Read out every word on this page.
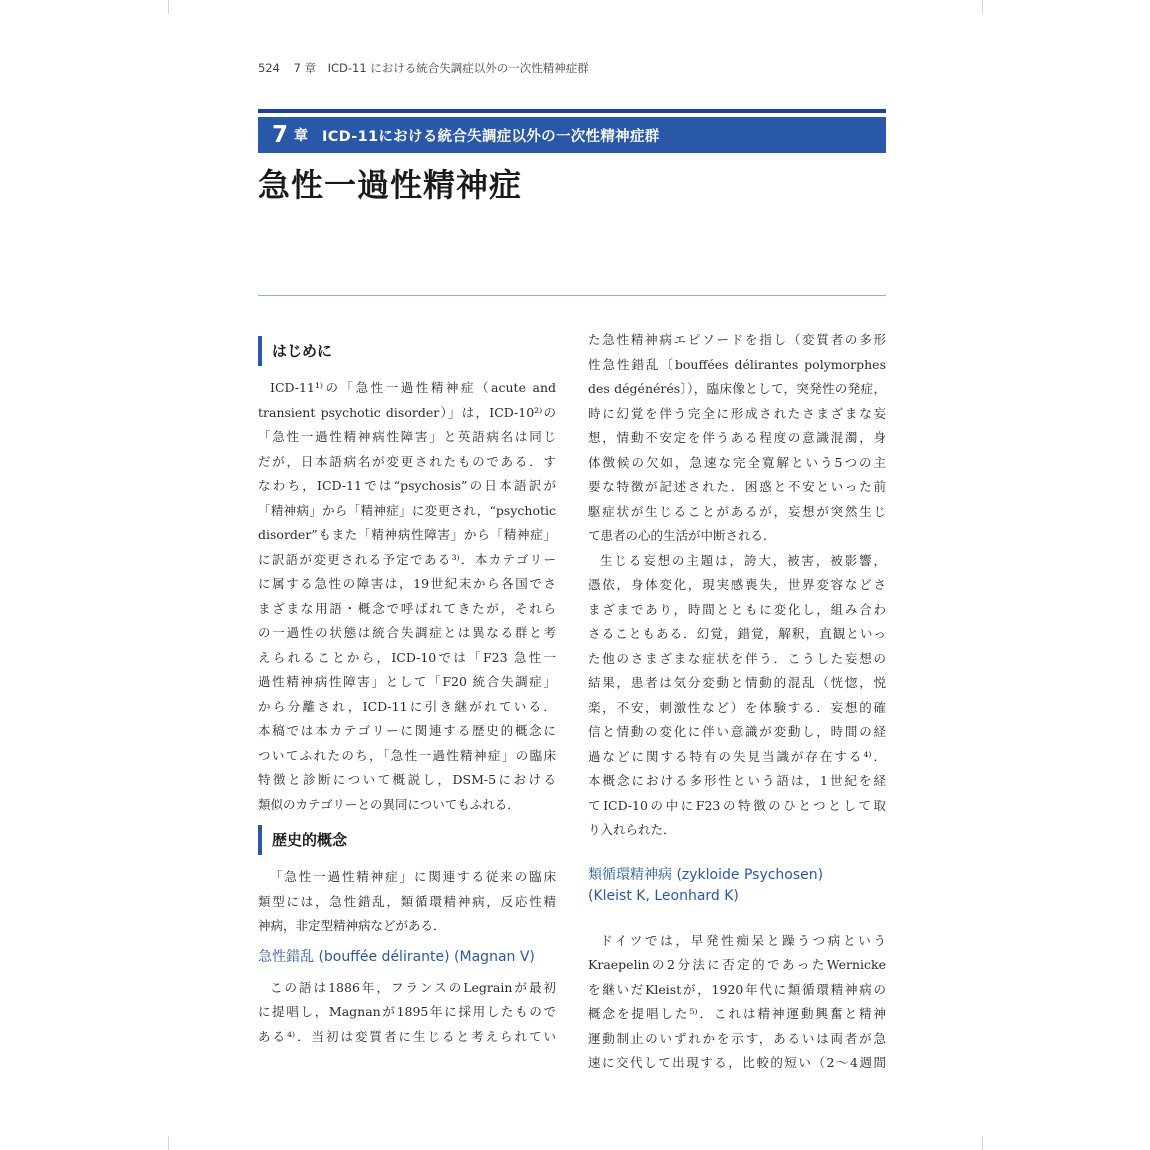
524 7 章　ICD-11 における統合失調症以外の一次性精神症群
7 章 ICD-11における統合失調症以外の一次性精神症群
急性一過性精神症
はじめに
ICD-11¹⁾の「急性一過性精神症（acute and
transient psychotic disorder）」は，ICD-10²⁾の
「急性一過性精神病性障害」と英語病名は同じ
だが，日本語病名が変更されたものである．す
なわち，ICD-11では“psychosis”の日本語訳が
「精神病」から「精神症」に変更され，“psychotic
disorder”もまた「精神病性障害」から「精神症」
に訳語が変更される予定である³⁾．本カテゴリー
に属する急性の障害は，19世紀末から各国でさ
まざまな用語・概念で呼ばれてきたが，それら
の一過性の状態は統合失調症とは異なる群と考
えられることから，ICD-10では「F23 急性一
過性精神病性障害」として「F20 統合失調症」
から分離され，ICD-11に引き継がれている．
本稿では本カテゴリーに関連する歴史的概念に
ついてふれたのち，「急性一過性精神症」の臨床
特徴と診断について概説し，DSM-5における
類似のカテゴリーとの異同についてもふれる．
歴史的概念
「急性一過性精神症」に関連する従来の臨床
類型には，急性錯乱，類循環精神病，反応性精
神病，非定型精神病などがある．
急性錯乱 (bouffée délirante) (Magnan V)
この語は1886年，フランスのLegrainが最初
に提唱し，Magnanが1895年に採用したもので
ある⁴⁾．当初は変質者に生じると考えられてい
た急性精神病エピソードを指し（変質者の多形
性急性錯乱〔bouffées délirantes polymorphes
des dégénérés〕），臨床像として，突発性の発症，
時に幻覚を伴う完全に形成されたさまざまな妄
想，情動不安定を伴うある程度の意識混濁，身
体徴候の欠如，急速な完全寛解という5つの主
要な特徴が記述された．困惑と不安といった前
駆症状が生じることがあるが，妄想が突然生じ
て患者の心的生活が中断される．
生じる妄想の主題は，誇大，被害，被影響，
憑依，身体変化，現実感喪失，世界変容などさ
まざまであり，時間とともに変化し，組み合わ
さることもある．幻覚，錯覚，解釈，直観といっ
た他のさまざまな症状を伴う．こうした妄想の
結果，患者は気分変動と情動的混乱（恍惚，悦
楽，不安，刺激性など）を体験する．妄想的確
信と情動の変化に伴い意識が変動し，時間の経
過などに関する特有の失見当識が存在する⁴⁾．
本概念における多形性という語は，1世紀を経
てICD-10の中にF23の特徴のひとつとして取
り入れられた．
類循環精神病 (zykloide Psychosen)
(Kleist K, Leonhard K)
ドイツでは，早発性痴呆と躁うつ病という
Kraepelinの2分法に否定的であったWernicke
を継いだKleistが，1920年代に類循環精神病の
概念を提唱した⁵⁾．これは精神運動興奮と精神
運動制止のいずれかを示す，あるいは両者が急
速に交代して出現する，比較的短い（2～4週間
